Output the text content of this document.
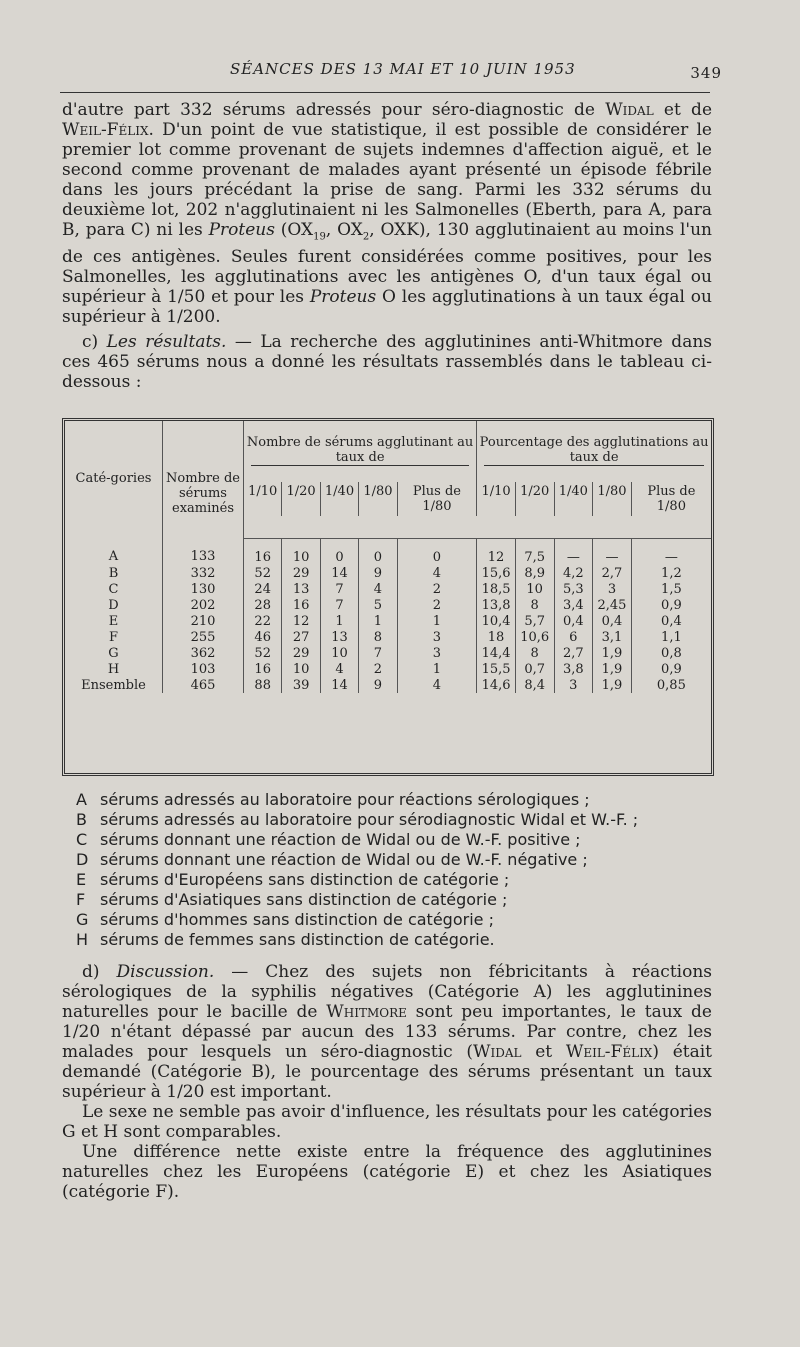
SÉANCES DES 13 MAI ET 10 JUIN 1953	349

d'autre part 332 sérums adressés pour séro-diagnostic de Widal et de Weil-Félix. D'un point de vue statistique, il est possible de considérer le premier lot comme provenant de sujets indemnes d'affection aiguë, et le second comme provenant de malades ayant présenté un épisode fébrile dans les jours précédant la prise de sang. Parmi les 332 sérums du deuxième lot, 202 n'agglutinaient ni les Salmonelles (Eberth, para A, para B, para C) ni les Proteus ($OX_{19}$, $OX_2$, OXK), 130 agglutinaient au moins l'un de ces antigènes. Seules furent considérées comme positives, pour les Salmonelles, les agglutinations avec les antigènes O, d'un taux égal ou supérieur à 1/50 et pour les Proteus O les agglutinations à un taux égal ou supérieur à 1/200.

c) Les résultats. — La recherche des agglutinines anti-Whitmore dans ces 465 sérums nous a donné les résultats rassemblés dans le tableau ci-dessous :

Caté-gories	Nombre de sérums examinés	Nombre de sérums agglutinant au taux de					Pourcentage des agglutinations au taux de				

		1/10	1/20	1/40	1/80	Plus de 1/80	1/10	1/20	1/40	1/80	Plus de 1/80

A	133	16	10	0	0	0	12	7,5	—	—	—
B	332	52	29	14	9	4	15,6	8,9	4,2	2,7	1,2
C	130	24	13	7	4	2	18,5	10	5,3	3	1,5
D	202	28	16	7	5	2	13,8	8	3,4	2,45	0,9
E	210	22	12	1	1	1	10,4	5,7	0,4	0,4	0,4
F	255	46	27	13	8	3	18	10,6	6	3,1	1,1
G	362	52	29	10	7	3	14,4	8	2,7	1,9	0,8
H	103	16	10	4	2	1	15,5	0,7	3,8	1,9	0,9
Ensemble	465	88	39	14	9	4	14,6	8,4	3	1,9	0,85
A sérums adressés au laboratoire pour réactions sérologiques ;
B sérums adressés au laboratoire pour sérodiagnostic Widal et W.-F. ;
C sérums donnant une réaction de Widal ou de W.-F. positive ;
D sérums donnant une réaction de Widal ou de W.-F. négative ;
E sérums d'Européens sans distinction de catégorie ;
F sérums d'Asiatiques sans distinction de catégorie ;
G sérums d'hommes sans distinction de catégorie ;
H sérums de femmes sans distinction de catégorie.

d) Discussion. — Chez des sujets non fébricitants à réactions sérologiques de la syphilis négatives (Catégorie A) les agglutinines naturelles pour le bacille de Whitmore sont peu importantes, le taux de 1/20 n'étant dépassé par aucun des 133 sérums. Par contre, chez les malades pour lesquels un séro-diagnostic (Widal et Weil-Félix) était demandé (Catégorie B), le pourcentage des sérums présentant un taux supérieur à 1/20 est important.

Le sexe ne semble pas avoir d'influence, les résultats pour les catégories G et H sont comparables.

Une différence nette existe entre la fréquence des agglutinines naturelles chez les Européens (catégorie E) et chez les Asiatiques (catégorie F).
